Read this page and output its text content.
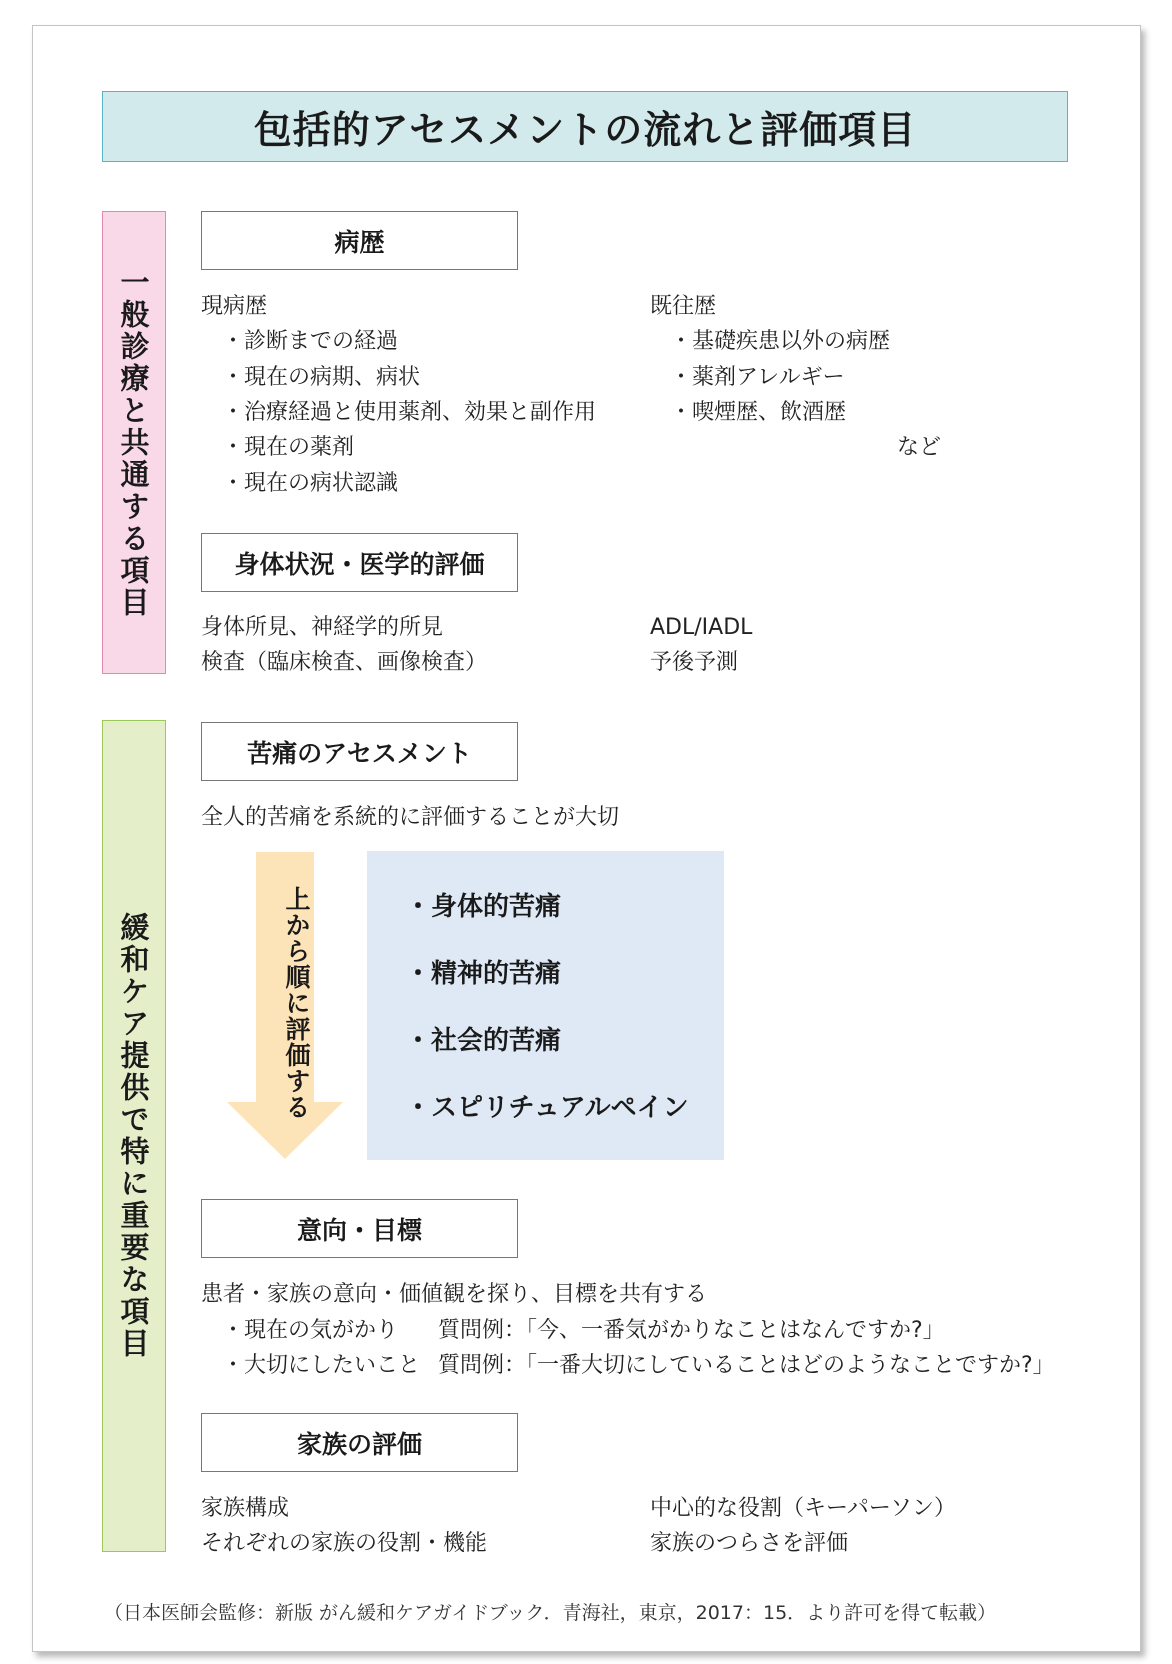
包括的アセスメントの流れと評価項目
一般診療と共通する項目
緩和ケア提供で特に重要な項目
病歴
現病歴
・診断までの経過
・現在の病期、病状
・治療経過と使用薬剤、効果と副作用
・現在の薬剤
・現在の病状認識
既往歴
・基礎疾患以外の病歴
・薬剤アレルギー
・喫煙歴、飲酒歴
など
身体状況・医学的評価
身体所見、神経学的所見
検査（臨床検査、画像検査）
ADL/IADL
予後予測
苦痛のアセスメント
全人的苦痛を系統的に評価することが大切
上から順に評価する	・身体的苦痛
・精神的苦痛
・社会的苦痛
・スピリチュアルペイン
意向・目標
患者・家族の意向・価値観を探り、目標を共有する
・現在の気がかり 質問例：「今、一番気がかりなことはなんですか?」
・大切にしたいこと 質問例：「一番大切にしていることはどのようなことですか?」
家族の評価
家族構成
それぞれの家族の役割・機能
中心的な役割（キーパーソン）
家族のつらさを評価
（日本医師会監修：新版 がん緩和ケアガイドブック．青海社，東京，2017：15．より許可を得て転載）
